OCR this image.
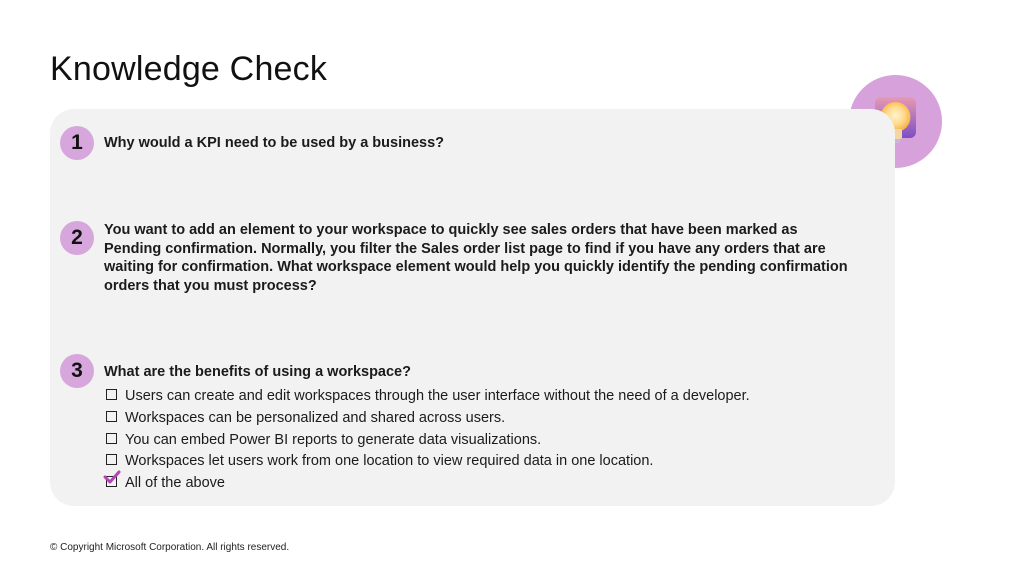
Knowledge Check
1	Why would a KPI need to be used by a business?
2	You want to add an element to your workspace to quickly see sales orders that have been marked as Pending confirmation. Normally, you filter the Sales order list page to find if you have any orders that are waiting for confirmation. What workspace element would help you quickly identify the pending confirmation orders that you must process?
3	What are the benefits of using a workspace?
Users can create and edit workspaces through the user interface without the need of a developer.
Workspaces can be personalized and shared across users.
You can embed Power BI reports to generate data visualizations.
Workspaces let users work from one location to view required data in one location.
All of the above
© Copyright Microsoft Corporation. All rights reserved.
